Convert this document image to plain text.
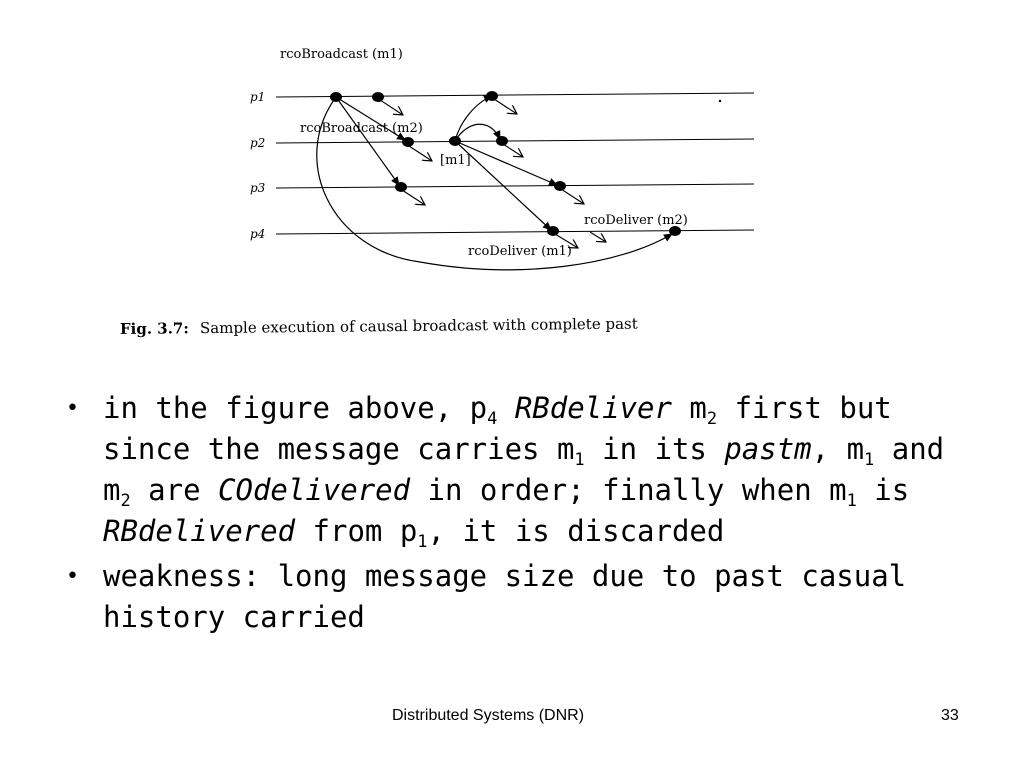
p1
p2
p3
p4
rcoBroadcast (m1)
rcoBroadcast (m2)
[m1]
rcoDeliver (m2)
rcoDeliver (m1)
Fig. 3.7: Sample execution of causal broadcast with complete past
• in the figure above, $p_4$ RBdeliver $m_2$ first but since the message carries $m_1$ in its pastm, $m_1$ and $m_2$ are COdelivered in order; finally when $m_1$ is RBdelivered from $p_1$, it is discarded
• weakness: long message size due to past casual history carried
Distributed Systems (DNR)	33
